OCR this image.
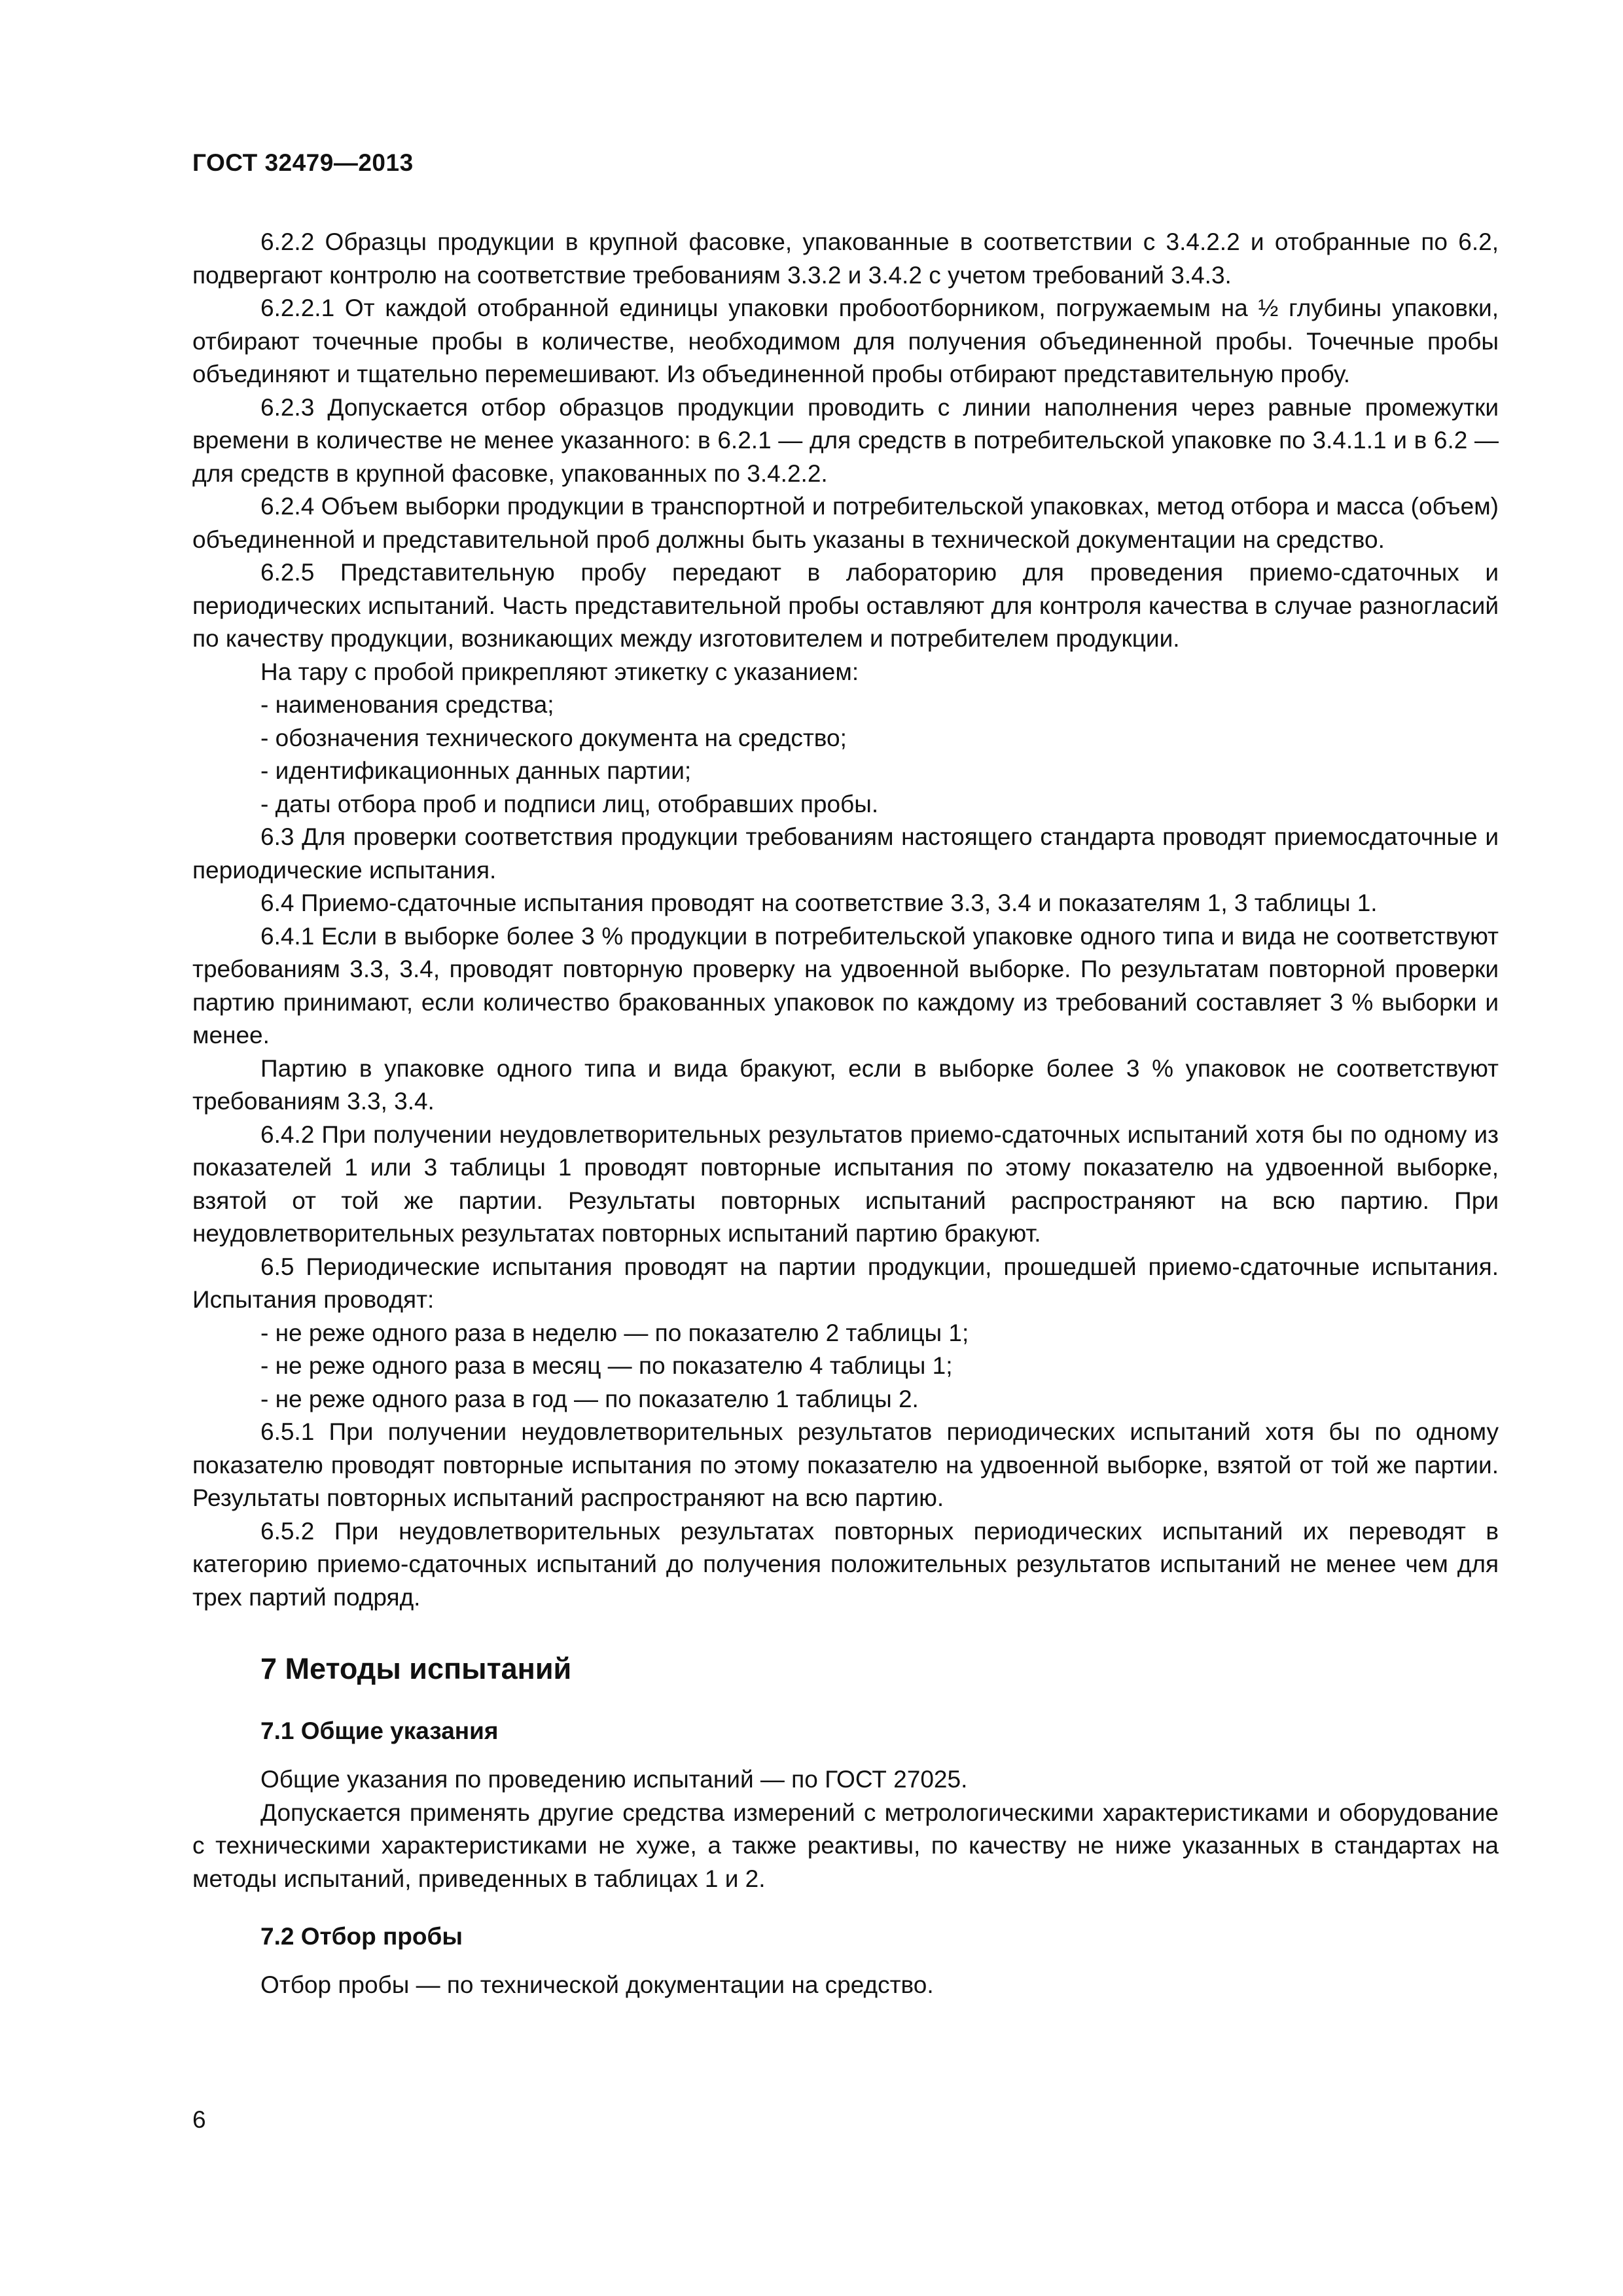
ГОСТ 32479—2013

6.2.2 Образцы продукции в крупной фасовке, упакованные в соответствии с 3.4.2.2 и отобранные по 6.2, подвергают контролю на соответствие требованиям 3.3.2 и 3.4.2 с учетом требований 3.4.3.

6.2.2.1 От каждой отобранной единицы упаковки пробоотборником, погружаемым на ½ глубины упаковки, отбирают точечные пробы в количестве, необходимом для получения объединенной пробы. Точечные пробы объединяют и тщательно перемешивают. Из объединенной пробы отбирают представительную пробу.

6.2.3 Допускается отбор образцов продукции проводить с линии наполнения через равные промежутки времени в количестве не менее указанного: в 6.2.1 — для средств в потребительской упаковке по 3.4.1.1 и в 6.2 — для средств в крупной фасовке, упакованных по 3.4.2.2.

6.2.4 Объем выборки продукции в транспортной и потребительской упаковках, метод отбора и масса (объем) объединенной и представительной проб должны быть указаны в технической документации на средство.

6.2.5 Представительную пробу передают в лабораторию для проведения приемо-сдаточных и периодических испытаний. Часть представительной пробы оставляют для контроля качества в случае разногласий по качеству продукции, возникающих между изготовителем и потребителем продукции.

На тару с пробой прикрепляют этикетку с указанием:

- наименования средства;
- обозначения технического документа на средство;
- идентификационных данных партии;
- даты отбора проб и подписи лиц, отобравших пробы.

6.3 Для проверки соответствия продукции требованиям настоящего стандарта проводят приемосдаточные и периодические испытания.

6.4 Приемо-сдаточные испытания проводят на соответствие 3.3, 3.4 и показателям 1, 3 таблицы 1.

6.4.1 Если в выборке более 3 % продукции в потребительской упаковке одного типа и вида не соответствуют требованиям 3.3, 3.4, проводят повторную проверку на удвоенной выборке. По результатам повторной проверки партию принимают, если количество бракованных упаковок по каждому из требований составляет 3 % выборки и менее.

Партию в упаковке одного типа и вида бракуют, если в выборке более 3 % упаковок не соответствуют требованиям 3.3, 3.4.

6.4.2 При получении неудовлетворительных результатов приемо-сдаточных испытаний хотя бы по одному из показателей 1 или 3 таблицы 1 проводят повторные испытания по этому показателю на удвоенной выборке, взятой от той же партии. Результаты повторных испытаний распространяют на всю партию. При неудовлетворительных результатах повторных испытаний партию бракуют.

6.5 Периодические испытания проводят на партии продукции, прошедшей приемо-сдаточные испытания. Испытания проводят:

- не реже одного раза в неделю — по показателю 2 таблицы 1;
- не реже одного раза в месяц — по показателю 4 таблицы 1;
- не реже одного раза в год — по показателю 1 таблицы 2.

6.5.1 При получении неудовлетворительных результатов периодических испытаний хотя бы по одному показателю проводят повторные испытания по этому показателю на удвоенной выборке, взятой от той же партии. Результаты повторных испытаний распространяют на всю партию.

6.5.2 При неудовлетворительных результатах повторных периодических испытаний их переводят в категорию приемо-сдаточных испытаний до получения положительных результатов испытаний не менее чем для трех партий подряд.

7 Методы испытаний
7.1 Общие указания

Общие указания по проведению испытаний — по ГОСТ 27025.

Допускается применять другие средства измерений с метрологическими характеристиками и оборудование с техническими характеристиками не хуже, а также реактивы, по качеству не ниже указанных в стандартах на методы испытаний, приведенных в таблицах 1 и 2.

7.2 Отбор пробы

Отбор пробы — по технической документации на средство.

6
